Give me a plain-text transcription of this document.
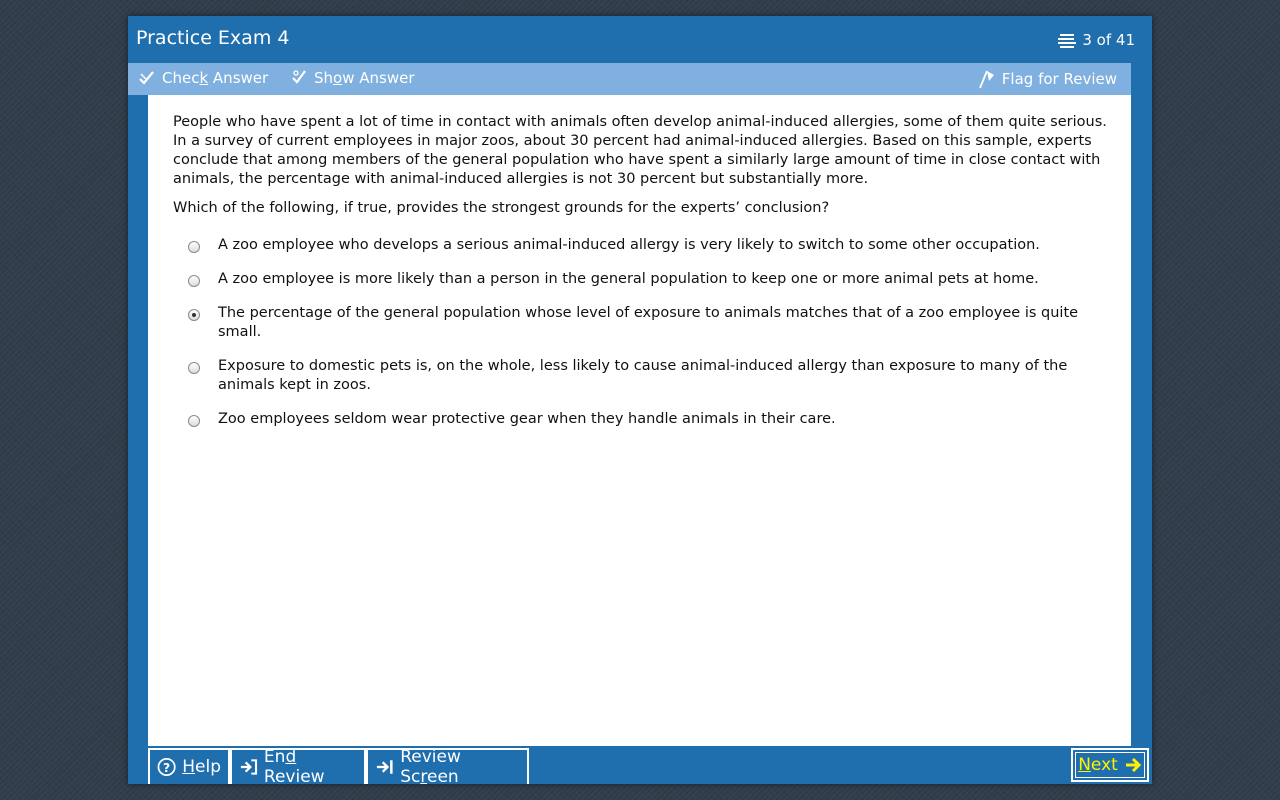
Practice Exam 4	3 of 41
Check Answer	Show Answer	Flag for Review

People who have spent a lot of time in contact with animals often develop animal-induced allergies, some of them quite serious. In a survey of current employees in major zoos, about 30 percent had animal-induced allergies. Based on this sample, experts conclude that among members of the general population who have spent a similarly large amount of time in close contact with animals, the percentage with animal-induced allergies is not 30 percent but substantially more.

Which of the following, if true, provides the strongest grounds for the experts’ conclusion?

A zoo employee who develops a serious animal-induced allergy is very likely to switch to some other occupation.
A zoo employee is more likely than a person in the general population to keep one or more animal pets at home.
The percentage of the general population whose level of exposure to animals matches that of a zoo employee is quite small.
Exposure to domestic pets is, on the whole, less likely to cause animal-induced allergy than exposure to many of the animals kept in zoos.
Zoo employees seldom wear protective gear when they handle animals in their care.
? Help	End Review
Review Screen
Next
